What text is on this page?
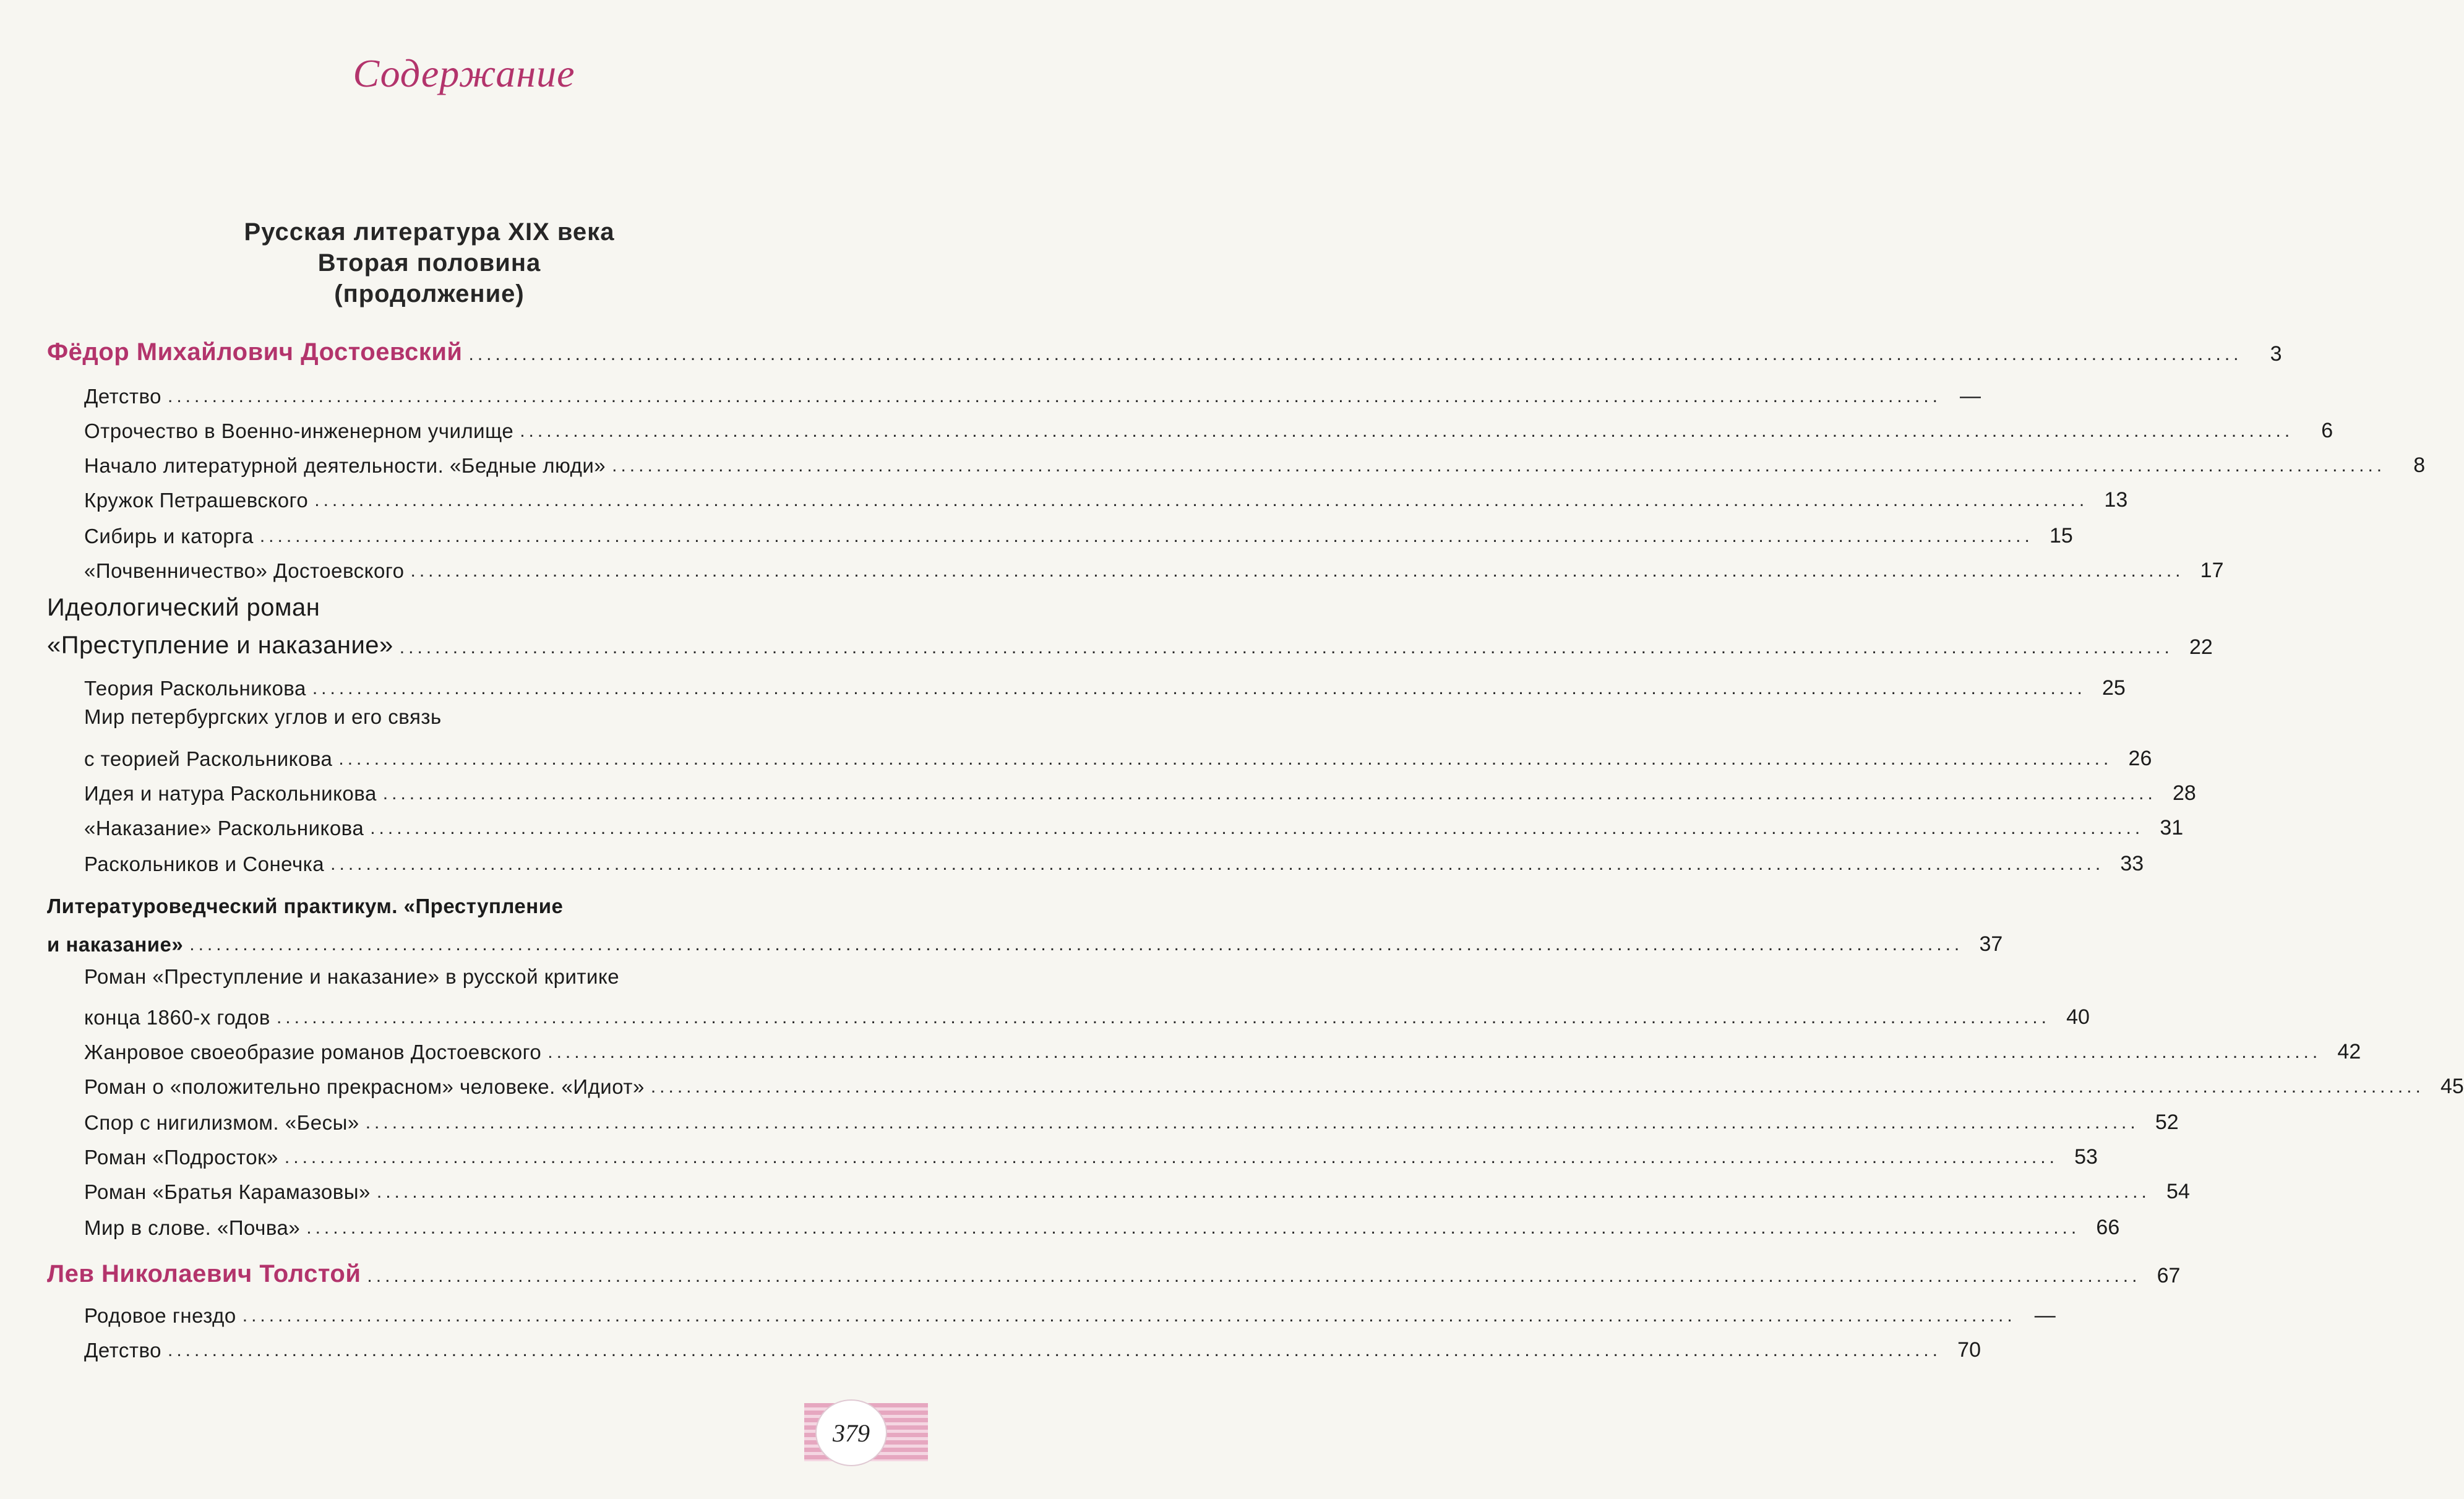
Содержание
Русская литература XIX века
Вторая половина
(продолжение)
Фёдор Михайлович Достоевский ........................................................................................................................................................................................................	3
Детство ........................................................................................................................................................................................................ —
Отрочество в Военно-инженерном училище ........................................................................................................................................................................................................	6
Начало литературной деятельности. «Бедные люди» ........................................................................................................................................................................................................	8
Кружок Петрашевского ........................................................................................................................................................................................................ 13
Сибирь и каторга ........................................................................................................................................................................................................ 15
«Почвенничество» Достоевского ........................................................................................................................................................................................................ 17
Идеологический роман
«Преступление и наказание» ........................................................................................................................................................................................................ 22
Теория Раскольникова ........................................................................................................................................................................................................ 25
Мир петербургских углов и его связь
с теорией Раскольникова ........................................................................................................................................................................................................ 26
Идея и натура Раскольникова ........................................................................................................................................................................................................ 28
«Наказание» Раскольникова ........................................................................................................................................................................................................ 31
Раскольников и Сонечка ........................................................................................................................................................................................................ 33
Литературоведческий практикум. «Преступление
и наказание» ........................................................................................................................................................................................................ 37
Роман «Преступление и наказание» в русской критике
конца 1860-х годов ........................................................................................................................................................................................................ 40
Жанровое своеобразие романов Достоевского ........................................................................................................................................................................................................ 42
Роман о «положительно прекрасном» человеке. «Идиот» ........................................................................................................................................................................................................ 45
Спор с нигилизмом. «Бесы» ........................................................................................................................................................................................................ 52
Роман «Подросток» ........................................................................................................................................................................................................ 53
Роман «Братья Карамазовы» ........................................................................................................................................................................................................ 54
Мир в слове. «Почва» ........................................................................................................................................................................................................ 66
Лев Николаевич Толстой ........................................................................................................................................................................................................ 67
Родовое гнездо ........................................................................................................................................................................................................ —
Детство ........................................................................................................................................................................................................ 70
379
